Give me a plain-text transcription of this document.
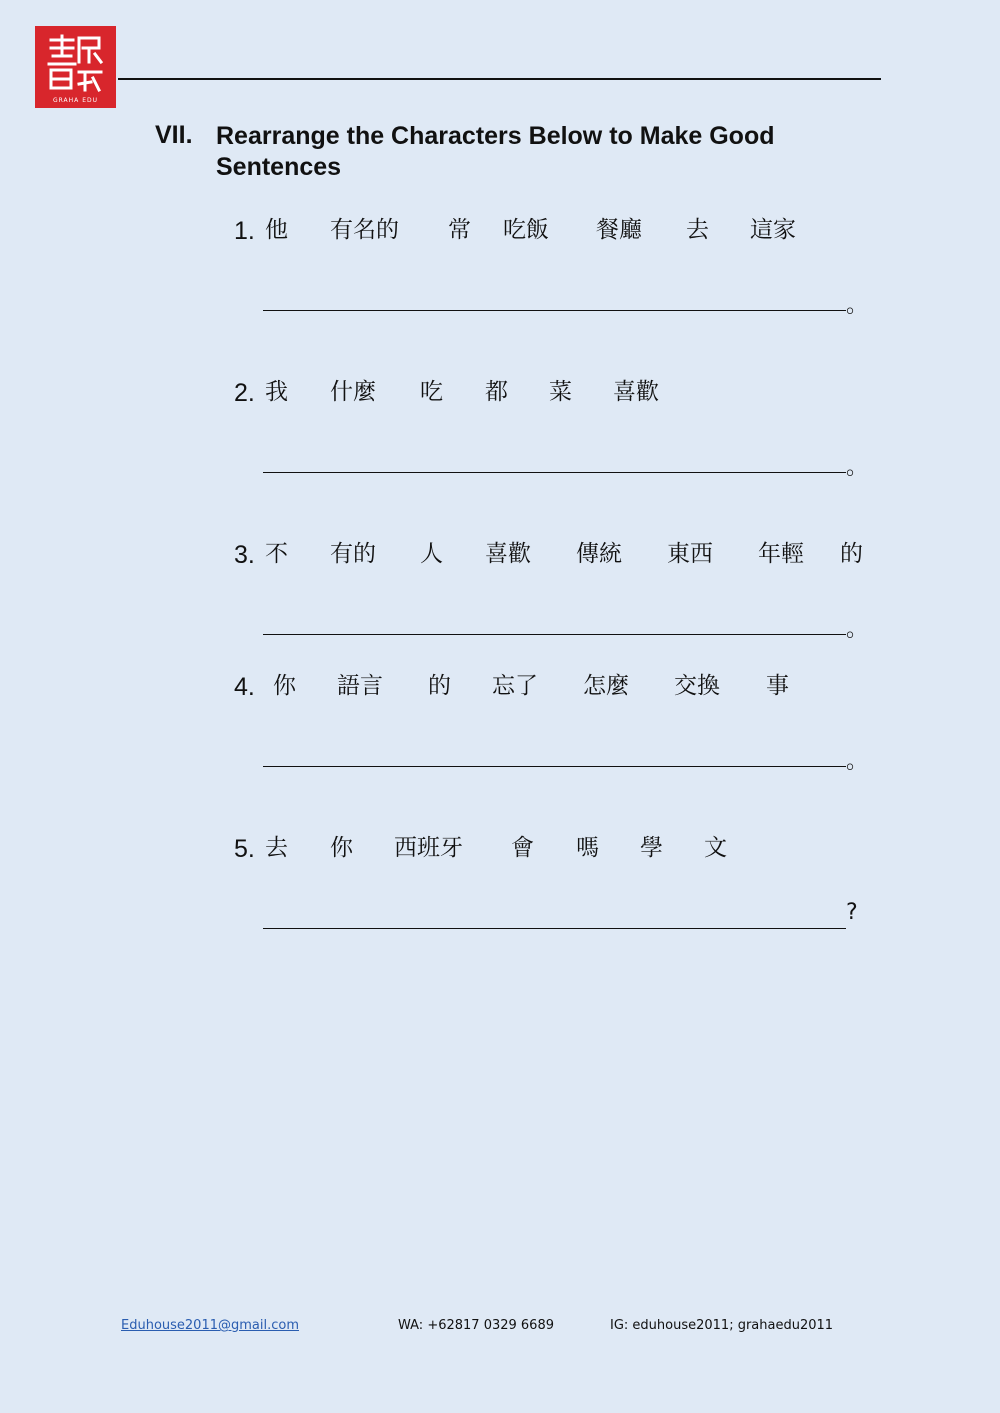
GRAHA EDU
VII. Rearrange the Characters Below to Make Good Sentences
1. 他 有名的 常 吃飯 餐廳 去 這家
。
2. 我 什麼 吃 都 菜 喜歡
。
3. 不 有的 人 喜歡 傳統 東西 年輕 的
。
4. 你 語言 的 忘了 怎麼 交換 事
。
5. 去 你 西班牙 會 嗎 學 文
?
Eduhouse2011@gmail.com	WA: +62817 0329 6689	IG: eduhouse2011; grahaedu2011
